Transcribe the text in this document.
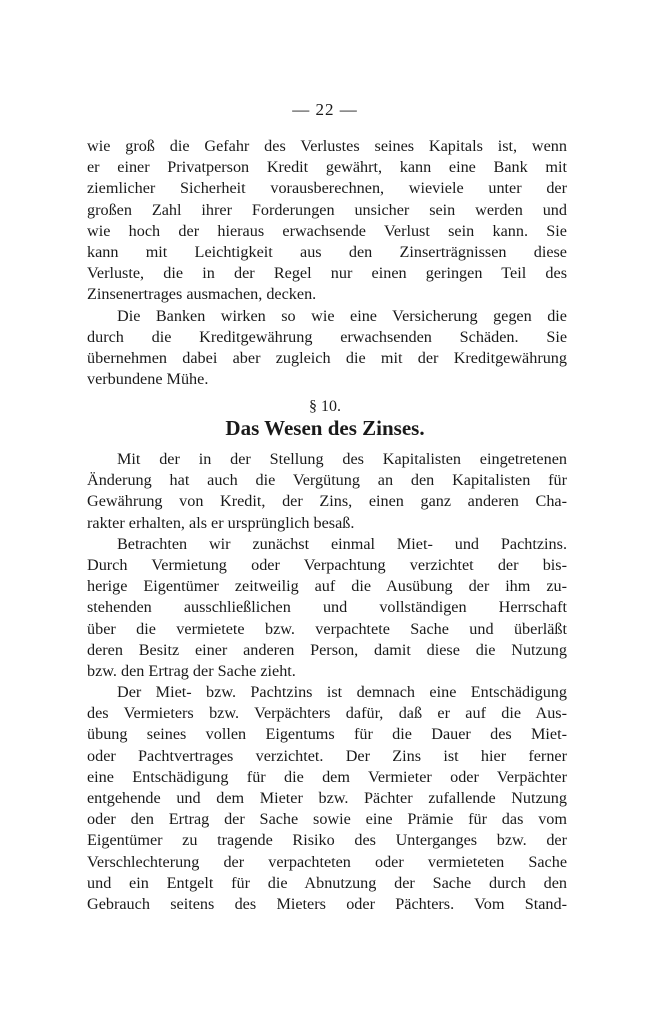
— 22 —
wie groß die Gefahr des Verlustes seines Kapitals ist, wenn
er einer Privatperson Kredit gewährt, kann eine Bank mit
ziemlicher Sicherheit vorausberechnen, wieviele unter der
großen Zahl ihrer Forderungen unsicher sein werden und
wie hoch der hieraus erwachsende Verlust sein kann. Sie
kann mit Leichtigkeit aus den Zinserträgnissen diese
Verluste, die in der Regel nur einen geringen Teil des
Zinsenertrages ausmachen, decken.
Die Banken wirken so wie eine Versicherung gegen die
durch die Kreditgewährung erwachsenden Schäden. Sie
übernehmen dabei aber zugleich die mit der Kreditgewährung
verbundene Mühe.
§ 10.
Das Wesen des Zinses.
Mit der in der Stellung des Kapitalisten eingetretenen
Änderung hat auch die Vergütung an den Kapitalisten für
Gewährung von Kredit, der Zins, einen ganz anderen Cha-
rakter erhalten, als er ursprünglich besaß.
Betrachten wir zunächst einmal Miet- und Pachtzins.
Durch Vermietung oder Verpachtung verzichtet der bis-
herige Eigentümer zeitweilig auf die Ausübung der ihm zu-
stehenden ausschließlichen und vollständigen Herrschaft
über die vermietete bzw. verpachtete Sache und überläßt
deren Besitz einer anderen Person, damit diese die Nutzung
bzw. den Ertrag der Sache zieht.
Der Miet- bzw. Pachtzins ist demnach eine Entschädigung
des Vermieters bzw. Verpächters dafür, daß er auf die Aus-
übung seines vollen Eigentums für die Dauer des Miet-
oder Pachtvertrages verzichtet. Der Zins ist hier ferner
eine Entschädigung für die dem Vermieter oder Verpächter
entgehende und dem Mieter bzw. Pächter zufallende Nutzung
oder den Ertrag der Sache sowie eine Prämie für das vom
Eigentümer zu tragende Risiko des Unterganges bzw. der
Verschlechterung der verpachteten oder vermieteten Sache
und ein Entgelt für die Abnutzung der Sache durch den
Gebrauch seitens des Mieters oder Pächters. Vom Stand-
